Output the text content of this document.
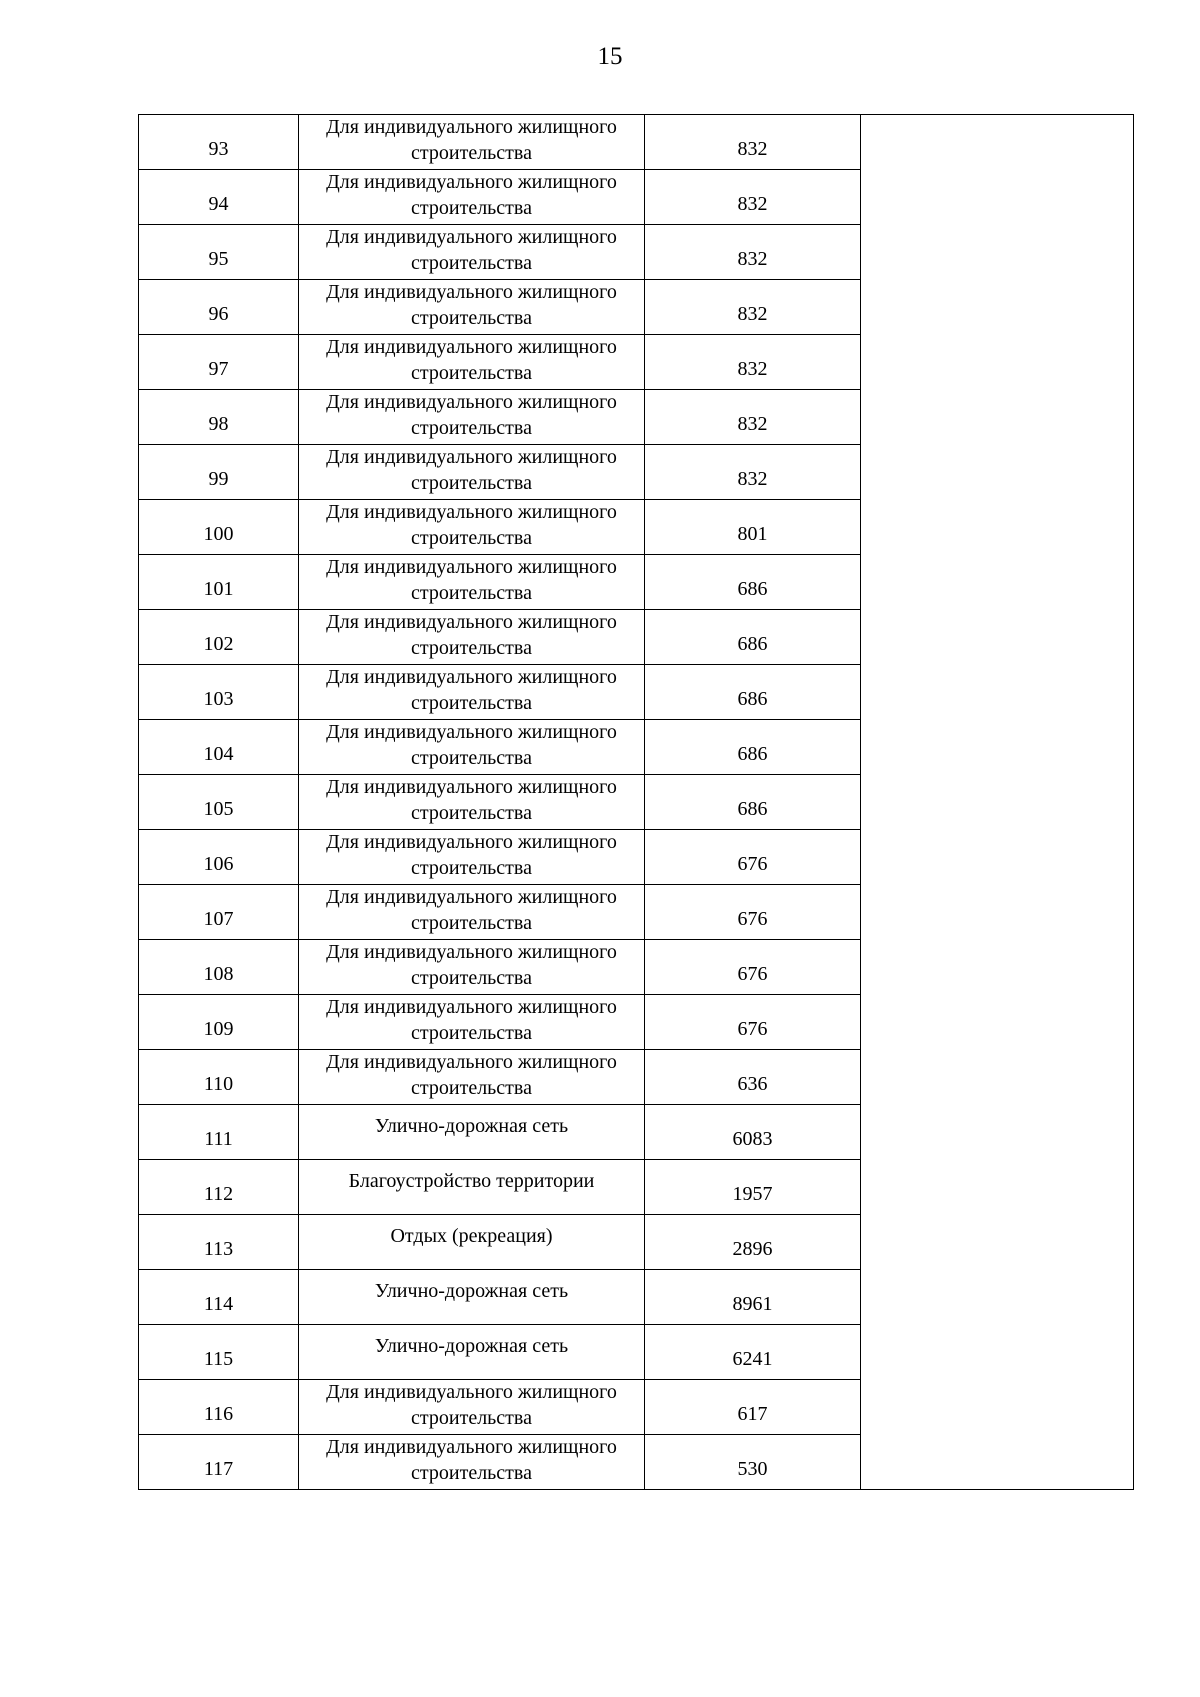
15
93	Для индивидуального жилищного строительства	832	

94	Для индивидуального жилищного строительства	832	

95	Для индивидуального жилищного строительства	832	

96	Для индивидуального жилищного строительства	832	

97	Для индивидуального жилищного строительства	832	

98	Для индивидуального жилищного строительства	832	

99	Для индивидуального жилищного строительства	832	

100	Для индивидуального жилищного строительства	801	

101	Для индивидуального жилищного строительства	686	

102	Для индивидуального жилищного строительства	686	

103	Для индивидуального жилищного строительства	686	

104	Для индивидуального жилищного строительства	686	

105	Для индивидуального жилищного строительства	686	

106	Для индивидуального жилищного строительства	676	

107	Для индивидуального жилищного строительства	676	

108	Для индивидуального жилищного строительства	676	

109	Для индивидуального жилищного строительства	676	

110	Для индивидуального жилищного строительства	636	

111	Улично-дорожная сеть	6083	

112	Благоустройство территории	1957	

113	Отдых (рекреация)	2896	

114	Улично-дорожная сеть	8961	

115	Улично-дорожная сеть	6241	

116	Для индивидуального жилищного строительства	617	

117	Для индивидуального жилищного строительства	530	
